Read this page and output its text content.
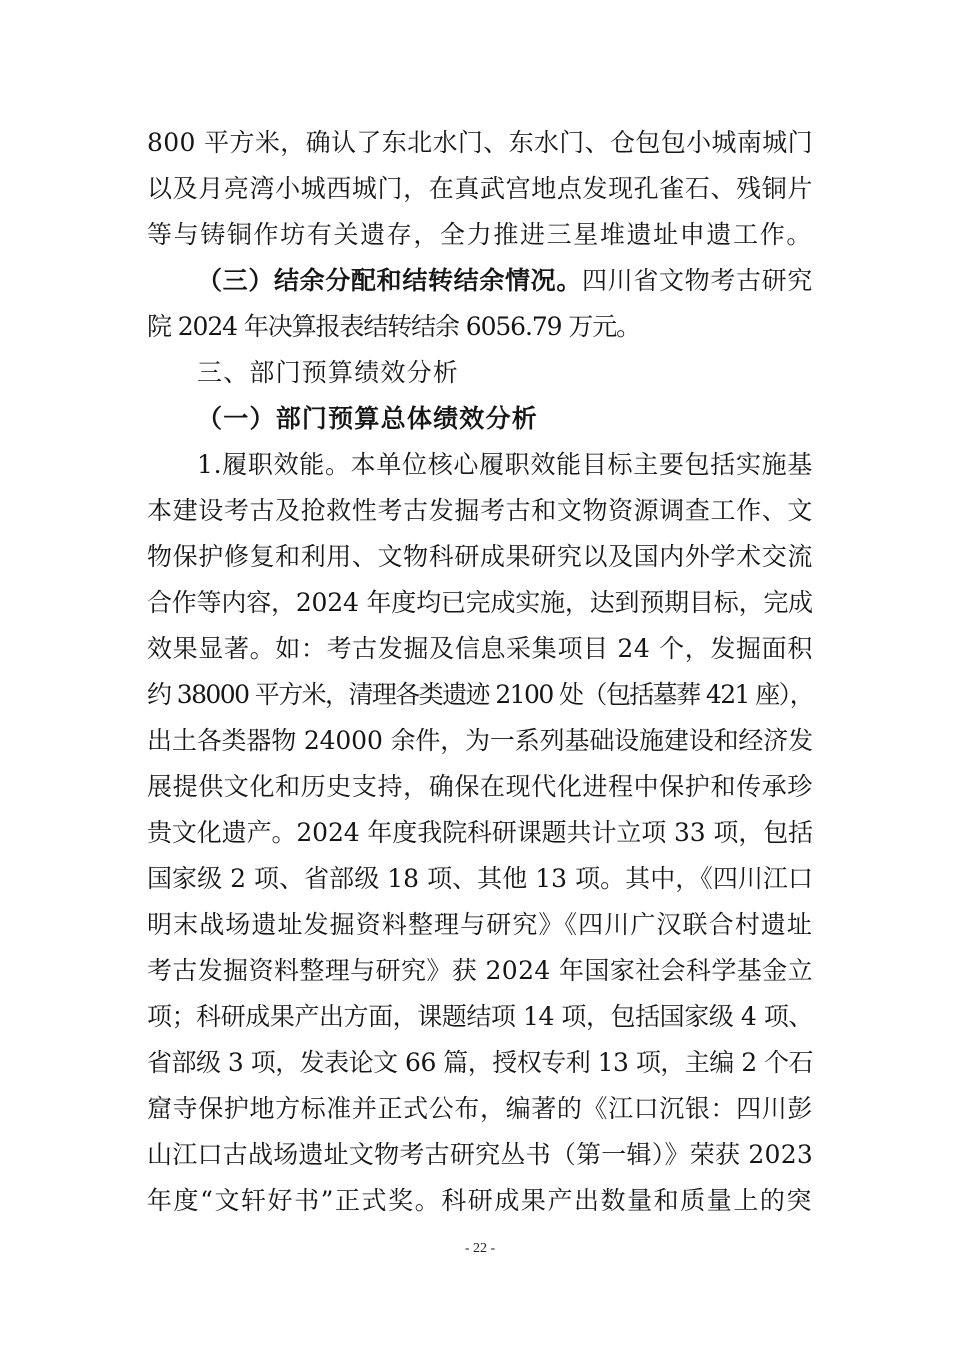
800 平方米，确认了东北水门、东水门、仓包包小城南城门
以及月亮湾小城西城门，在真武宫地点发现孔雀石、残铜片
等与铸铜作坊有关遗存，全力推进三星堆遗址申遗工作。
（三）结余分配和结转结余情况。四川省文物考古研究
院 2024 年决算报表结转结余 6056.79 万元。
三、部门预算绩效分析
（一）部门预算总体绩效分析
1.履职效能。本单位核心履职效能目标主要包括实施基
本建设考古及抢救性考古发掘考古和文物资源调查工作、文
物保护修复和利用、文物科研成果研究以及国内外学术交流
合作等内容，2024 年度均已完成实施，达到预期目标，完成
效果显著。如：考古发掘及信息采集项目 24 个，发掘面积
约 38000 平方米，清理各类遗迹 2100 处（包括墓葬 421 座），
出土各类器物 24000 余件，为一系列基础设施建设和经济发
展提供文化和历史支持，确保在现代化进程中保护和传承珍
贵文化遗产。2024 年度我院科研课题共计立项 33 项，包括
国家级 2 项、省部级 18 项、其他 13 项。其中，《四川江口
明末战场遗址发掘资料整理与研究》《四川广汉联合村遗址
考古发掘资料整理与研究》获 2024 年国家社会科学基金立
项；科研成果产出方面，课题结项 14 项，包括国家级 4 项、
省部级 3 项，发表论文 66 篇，授权专利 13 项，主编 2 个石
窟寺保护地方标准并正式公布，编著的《江口沉银：四川彭
山江口古战场遗址文物考古研究丛书（第一辑）》荣获 2023
年度“文轩好书”正式奖。科研成果产出数量和质量上的突
- 22 -
